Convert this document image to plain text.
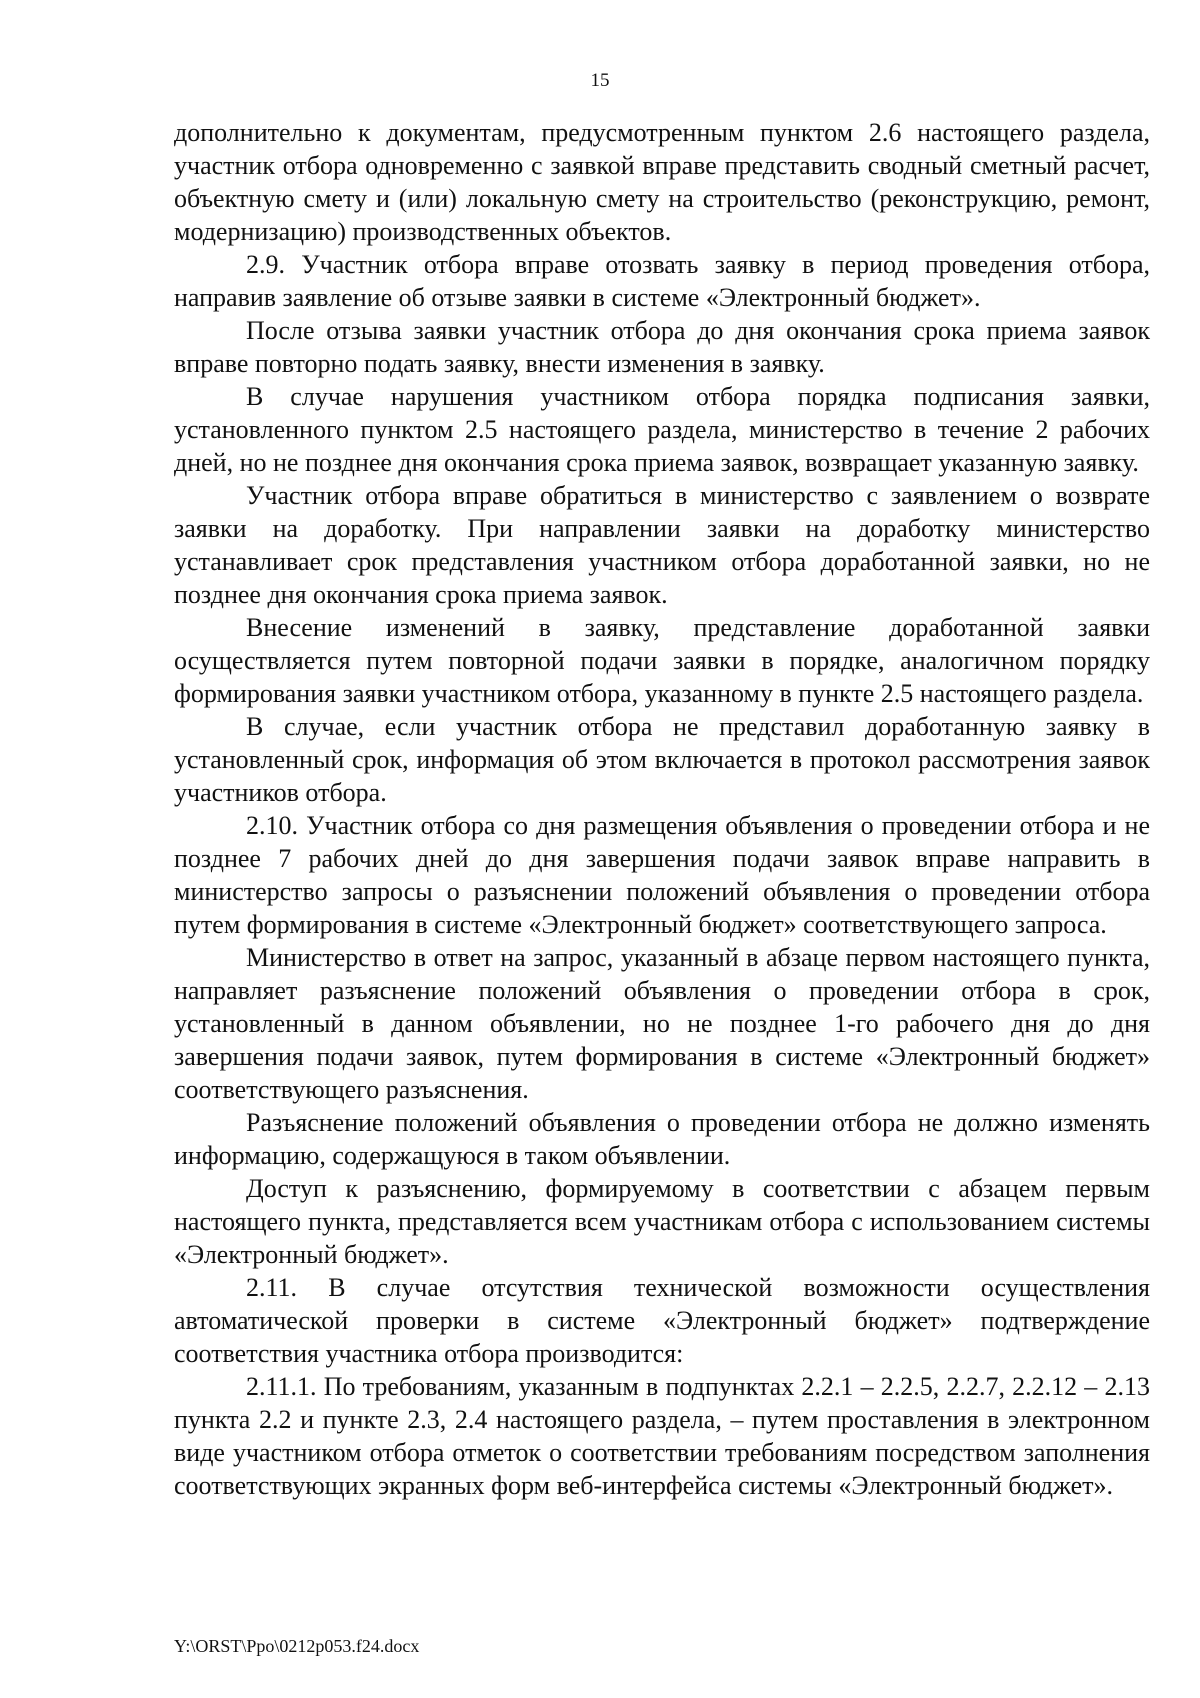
15

дополнительно к документам, предусмотренным пунктом 2.6 настоящего раздела, участник отбора одновременно с заявкой вправе представить сводный сметный расчет, объектную смету и (или) локальную смету на строительство (реконструкцию, ремонт, модернизацию) производственных объектов.

2.9. Участник отбора вправе отозвать заявку в период проведения отбора, направив заявление об отзыве заявки в системе «Электронный бюджет».

После отзыва заявки участник отбора до дня окончания срока приема заявок вправе повторно подать заявку, внести изменения в заявку.

В случае нарушения участником отбора порядка подписания заявки, установленного пунктом 2.5 настоящего раздела, министерство в течение 2 рабочих дней, но не позднее дня окончания срока приема заявок, возвращает указанную заявку.

Участник отбора вправе обратиться в министерство с заявлением о возврате заявки на доработку. При направлении заявки на доработку министерство устанавливает срок представления участником отбора доработанной заявки, но не позднее дня окончания срока приема заявок.

Внесение изменений в заявку, представление доработанной заявки осуществляется путем повторной подачи заявки в порядке, аналогичном порядку формирования заявки участником отбора, указанному в пункте 2.5 настоящего раздела.

В случае, если участник отбора не представил доработанную заявку в установленный срок, информация об этом включается в протокол рассмотрения заявок участников отбора.

2.10. Участник отбора со дня размещения объявления о проведении отбора и не позднее 7 рабочих дней до дня завершения подачи заявок вправе направить в министерство запросы о разъяснении положений объявления о проведении отбора путем формирования в системе «Электронный бюджет» соответствующего запроса.

Министерство в ответ на запрос, указанный в абзаце первом настоящего пункта, направляет разъяснение положений объявления о проведении отбора в срок, установленный в данном объявлении, но не позднее 1-го рабочего дня до дня завершения подачи заявок, путем формирования в системе «Электронный бюджет» соответствующего разъяснения.

Разъяснение положений объявления о проведении отбора не должно изменять информацию, содержащуюся в таком объявлении.

Доступ к разъяснению, формируемому в соответствии с абзацем первым настоящего пункта, представляется всем участникам отбора с использованием системы «Электронный бюджет».

2.11. В случае отсутствия технической возможности осуществления автоматической проверки в системе «Электронный бюджет» подтверждение соответствия участника отбора производится:

2.11.1. По требованиям, указанным в подпунктах 2.2.1 – 2.2.5, 2.2.7, 2.2.12 – 2.13 пункта 2.2 и пункте 2.3, 2.4 настоящего раздела, – путем проставления в электронном виде участником отбора отметок о соответствии требованиям посредством заполнения соответствующих экранных форм веб-интерфейса системы «Электронный бюджет».

Y:\ORST\Ppo\0212p053.f24.docx
